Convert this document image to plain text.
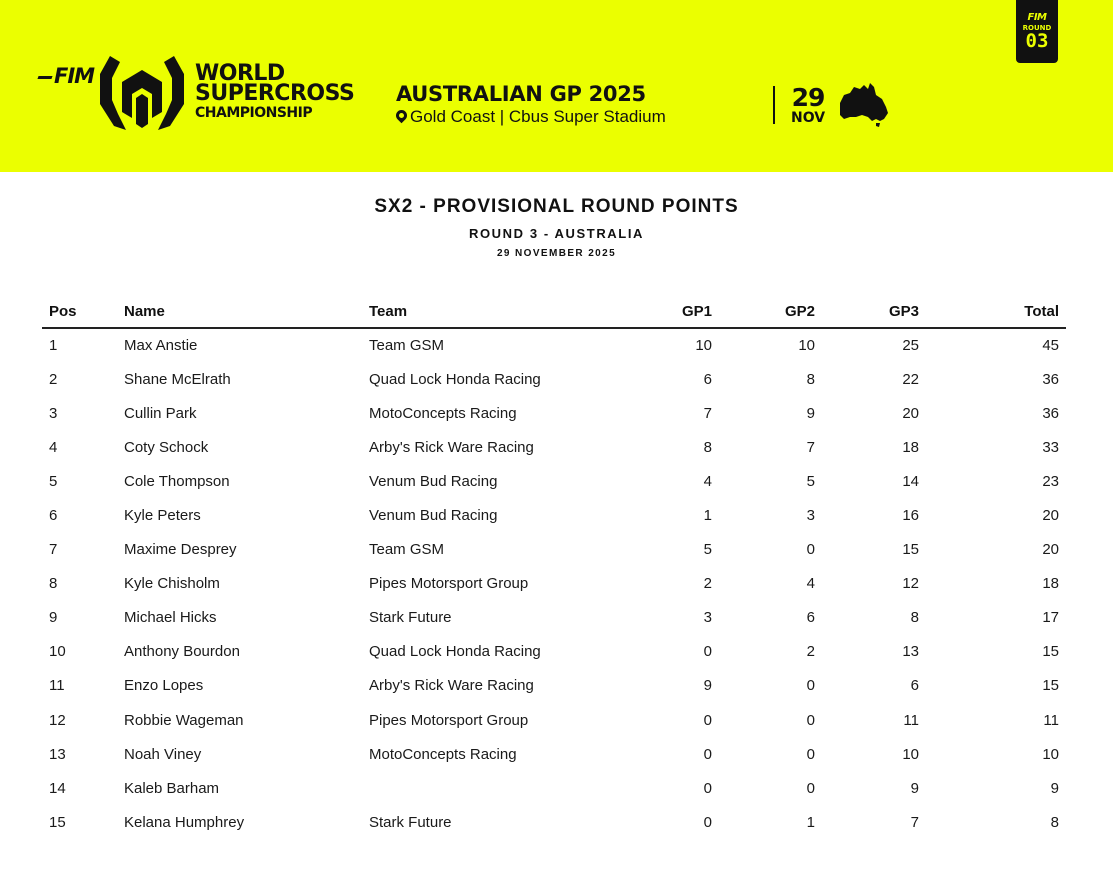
FIM	WORLD
SUPERCROSS
CHAMPIONSHIP
AUSTRALIAN GP 2025
Gold Coast | Cbus Super Stadium
29
NOV
FIM
ROUND
03
SX2 - PROVISIONAL ROUND POINTS
ROUND 3 - AUSTRALIA
29 NOVEMBER 2025
Pos	Name	Team	GP1	GP2	GP3	Total
1	Max Anstie	Team GSM	10	10	25	45
2	Shane McElrath	Quad Lock Honda Racing	6	8	22	36
3	Cullin Park	MotoConcepts Racing	7	9	20	36
4	Coty Schock	Arby's Rick Ware Racing	8	7	18	33
5	Cole Thompson	Venum Bud Racing	4	5	14	23
6	Kyle Peters	Venum Bud Racing	1	3	16	20
7	Maxime Desprey	Team GSM	5	0	15	20
8	Kyle Chisholm	Pipes Motorsport Group	2	4	12	18
9	Michael Hicks	Stark Future	3	6	8	17
10	Anthony Bourdon	Quad Lock Honda Racing	0	2	13	15
11	Enzo Lopes	Arby's Rick Ware Racing	9	0	6	15
12	Robbie Wageman	Pipes Motorsport Group	0	0	11	11
13	Noah Viney	MotoConcepts Racing	0	0	10	10
14	Kaleb Barham		0	0	9	9
15	Kelana Humphrey	Stark Future	0	1	7	8
